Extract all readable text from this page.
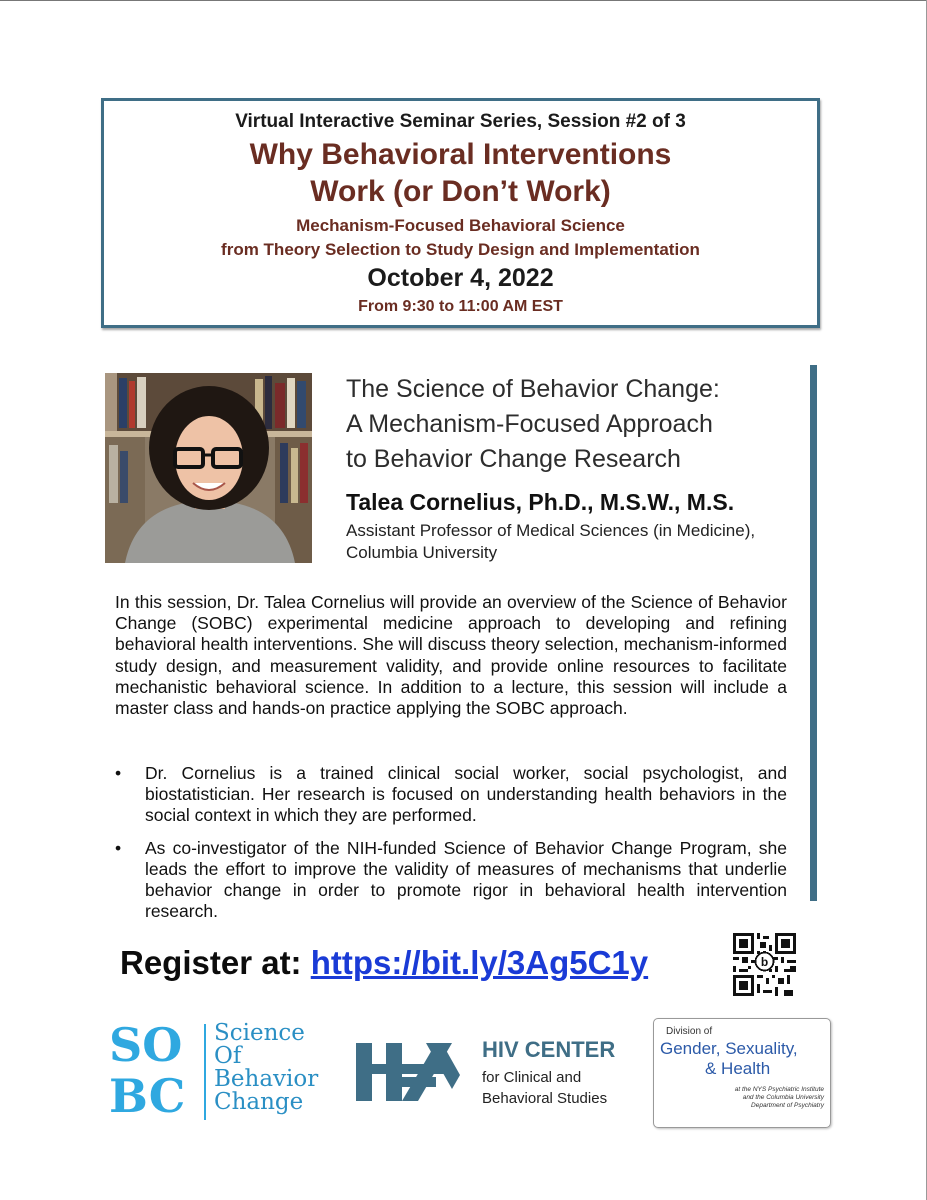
Virtual Interactive Seminar Series, Session #2 of 3
Why Behavioral Interventions
Work (or Don’t Work)
Mechanism-Focused Behavioral Science
from Theory Selection to Study Design and Implementation
October 4, 2022
From 9:30 to 11:00 AM EST
The Science of Behavior Change:
A Mechanism-Focused Approach
to Behavior Change Research
Talea Cornelius, Ph.D., M.S.W., M.S.
Assistant Professor of Medical Sciences (in Medicine), Columbia University
In this session, Dr. Talea Cornelius will provide an overview of the Science of Behavior Change (SOBC) experimental medicine approach to developing and refining behavioral health interventions. She will discuss theory selection, mechanism-informed study design, and measurement validity, and provide online resources to facilitate mechanistic behavioral science. In addition to a lecture, this session will include a master class and hands-on practice applying the SOBC approach.
• Dr. Cornelius is a trained clinical social worker, social psychologist, and biostatistician. Her research is focused on understanding health behaviors in the social context in which they are performed.
• As co-investigator of the NIH-funded Science of Behavior Change Program, she leads the effort to improve the validity of measures of mechanisms that underlie behavior change in order to promote rigor in behavioral health intervention research.
Register at: https://bit.ly/3Ag5C1y	b
SO
BC
Science
Of
Behavior
Change
HIV CENTER
for Clinical and
Behavioral Studies
Division of
Gender, Sexuality,
& Health
at the NYS Psychiatric Institute
and the Columbia University
Department of Psychiatry
